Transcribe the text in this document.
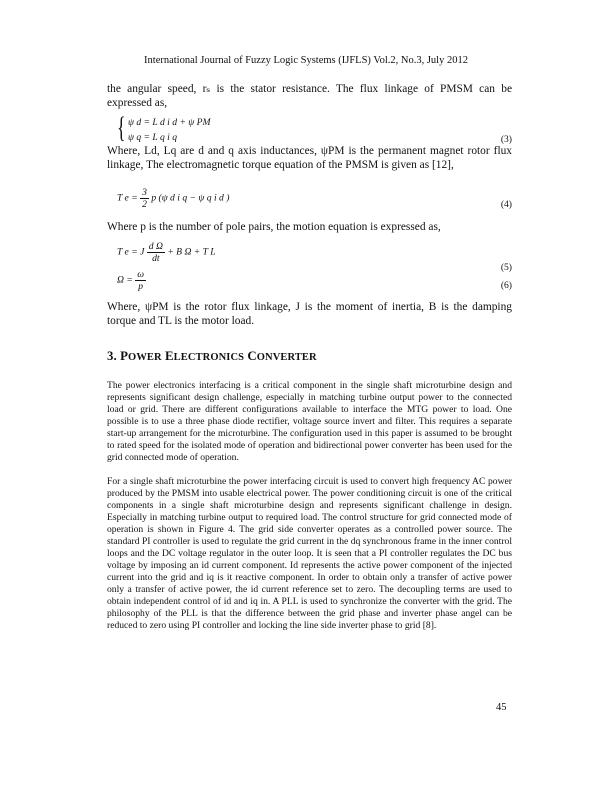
International Journal of Fuzzy Logic Systems (IJFLS) Vol.2, No.3, July 2012

the angular speed, rₛ is the stator resistance. The flux linkage of PMSM can be expressed as,

{ ψ d = L d i d + ψ PM
ψ q = L q i q	(3)

Where, Ld, Lq are d and q axis inductances, ψPM is the permanent magnet rotor flux linkage, The electromagnetic torque equation of the PMSM is given as [12],

T $e = \frac{3}{2}$ p (ψ d i q − ψ q i d )
(4)

Where p is the number of pole pairs, the motion equation is expressed as,

T e = J $\frac{\text{d Ω}}{dt} + B$ Ω + T L
(5)
$\Omega = \frac{\omega}{p}$	(6)

Where, ψPM is the rotor flux linkage, J is the moment of inertia, B is the damping torque and TL is the motor load.

3. POWER ELECTRONICS CONVERTER

The power electronics interfacing is a critical component in the single shaft microturbine design and represents significant design challenge, especially in matching turbine output power to the connected load or grid. There are different configurations available to interface the MTG power to load. One possible is to use a three phase diode rectifier, voltage source invert and filter. This requires a separate start-up arrangement for the microturbine. The configuration used in this paper is assumed to be brought to rated speed for the isolated mode of operation and bidirectional power converter has been used for the grid connected mode of operation.

For a single shaft microturbine the power interfacing circuit is used to convert high frequency AC power produced by the PMSM into usable electrical power. The power conditioning circuit is one of the critical components in a single shaft microturbine design and represents significant challenge in design. Especially in matching turbine output to required load. The control structure for grid connected mode of operation is shown in Figure 4. The grid side converter operates as a controlled power source. The standard PI controller is used to regulate the grid current in the dq synchronous frame in the inner control loops and the DC voltage regulator in the outer loop. It is seen that a PI controller regulates the DC bus voltage by imposing an id current component. Id represents the active power component of the injected current into the grid and iq is it reactive component. In order to obtain only a transfer of active power only a transfer of active power, the id current reference set to zero. The decoupling terms are used to obtain independent control of id and iq in. A PLL is used to synchronize the converter with the grid. The philosophy of the PLL is that the difference between the grid phase and inverter phase angel can be reduced to zero using PI controller and locking the line side inverter phase to grid [8].

45
